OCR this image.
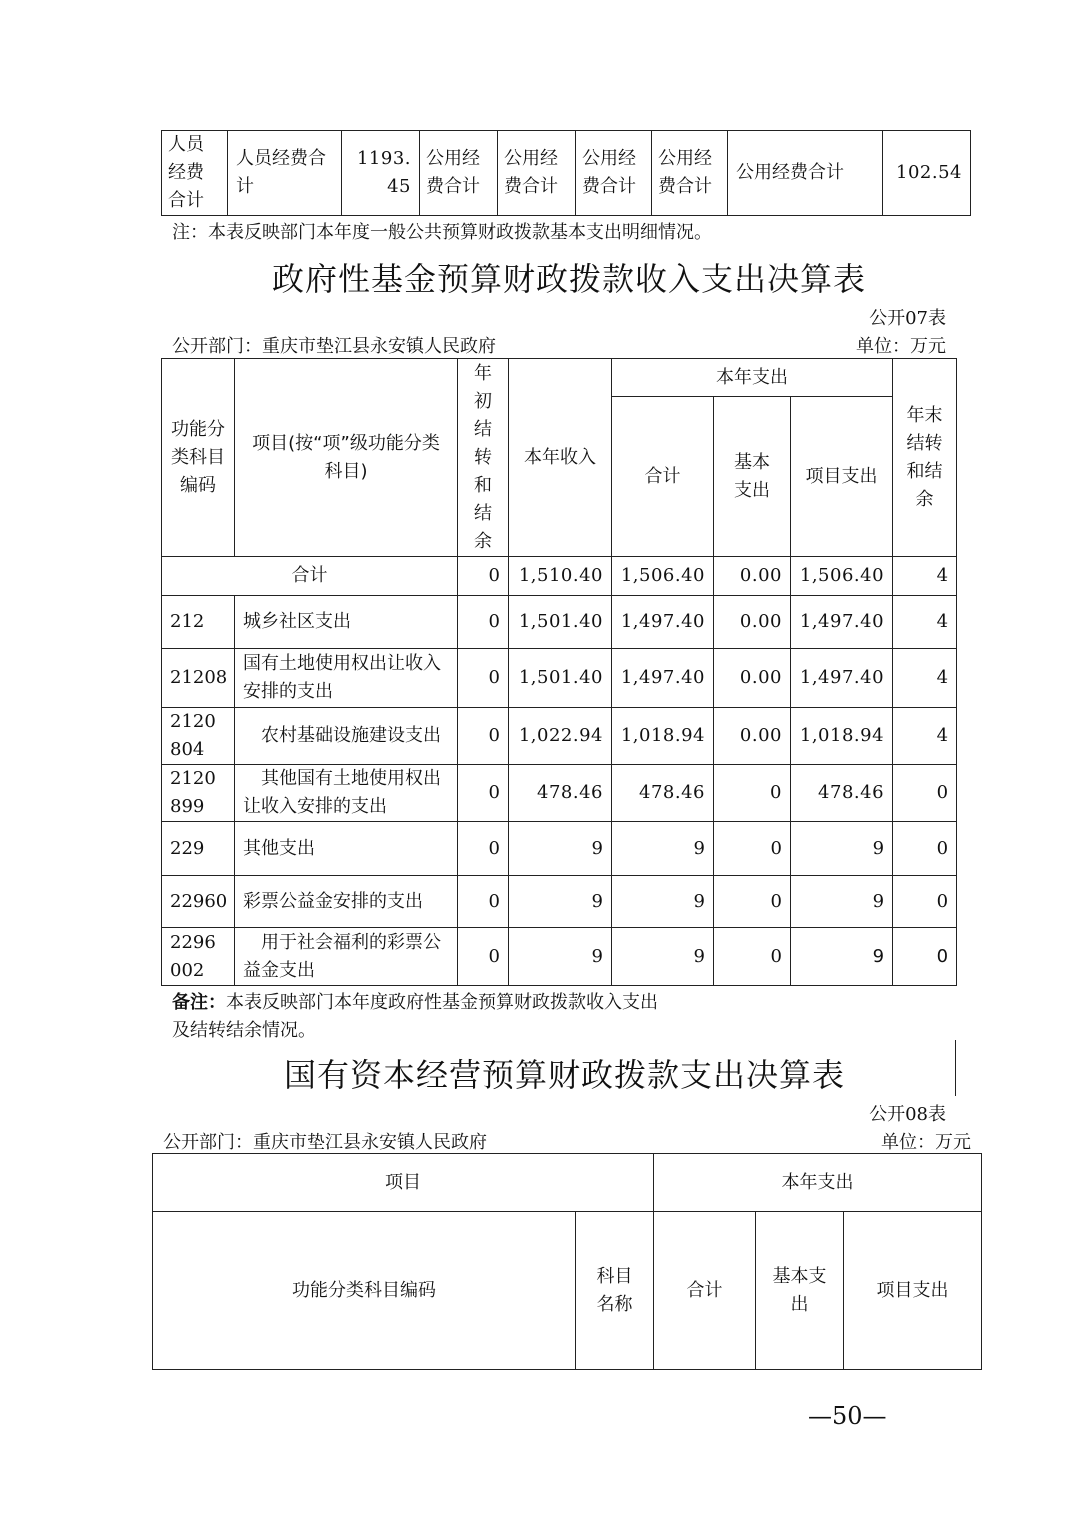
人员经费合计	人员经费合计	1193.45	公用经费合计	公用经费合计	公用经费合计	公用经费合计	公用经费合计	102.54
注：本表反映部门本年度一般公共预算财政拨款基本支出明细情况。
政府性基金预算财政拨款收入支出决算表
公开07表
公开部门：重庆市垫江县永安镇人民政府	单位：万元
功能分类科目编码	项目(按“项”级功能分类科目)	年初结转和结余	本年收入	本年支出			年末结转和结余
				合计	基本支出	项目支出	
合计		0	1,510.40	1,506.40	0.00	1,506.40	4
212	城乡社区支出	0	1,501.40	1,497.40	0.00	1,497.40	4
21208	国有土地使用权出让收入安排的支出	0	1,501.40	1,497.40	0.00	1,497.40	4
2120804	农村基础设施建设支出	0	1,022.94	1,018.94	0.00	1,018.94	4
2120899	其他国有土地使用权出让收入安排的支出	0	478.46	478.46	0	478.46	0
229	其他支出	0	9	9	0	9	0
22960	彩票公益金安排的支出	0	9	9	0	9	0
2296002	用于社会福利的彩票公益金支出	0	9	9	0	9	0
备注：本表反映部门本年度政府性基金预算财政拨款收入支出
及结转结余情况。
国有资本经营预算财政拨款支出决算表
公开08表
公开部门：重庆市垫江县永安镇人民政府	单位：万元
项目		本年支出		
功能分类科目编码	科目名称	合计	基本支出	项目支出
—50—
